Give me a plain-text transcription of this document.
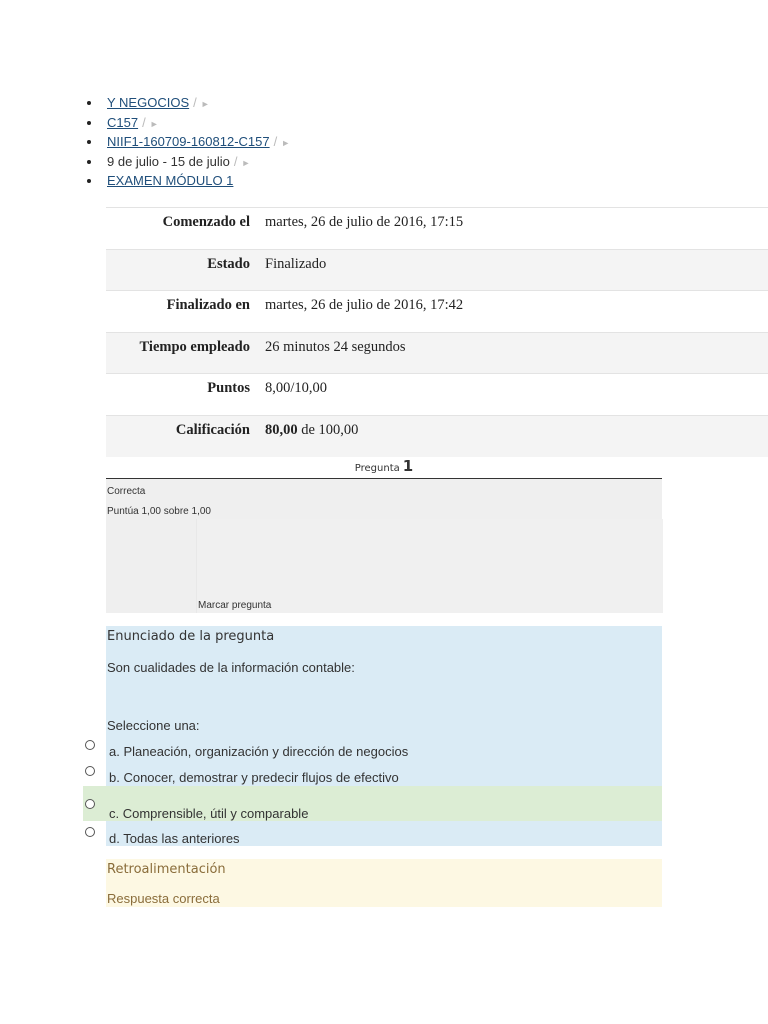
Y NEGOCIOS / ►
C157 / ►
NIIF1-160709-160812-C157 / ►
9 de julio - 15 de julio / ►
EXAMEN MÓDULO 1
Comenzado el	martes, 26 de julio de 2016, 17:15
Estado	Finalizado
Finalizado en	martes, 26 de julio de 2016, 17:42
Tiempo empleado	26 minutos 24 segundos
Puntos	8,00/10,00
Calificación	80,00 de 100,00
Pregunta 1
Correcta
Puntúa 1,00 sobre 1,00
Marcar pregunta
Enunciado de la pregunta
Son cualidades de la información contable:
Seleccione una:
a. Planeación, organización y dirección de negocios
b. Conocer, demostrar y predecir flujos de efectivo
c. Comprensible, útil y comparable
d. Todas las anteriores
Retroalimentación
Respuesta correcta
